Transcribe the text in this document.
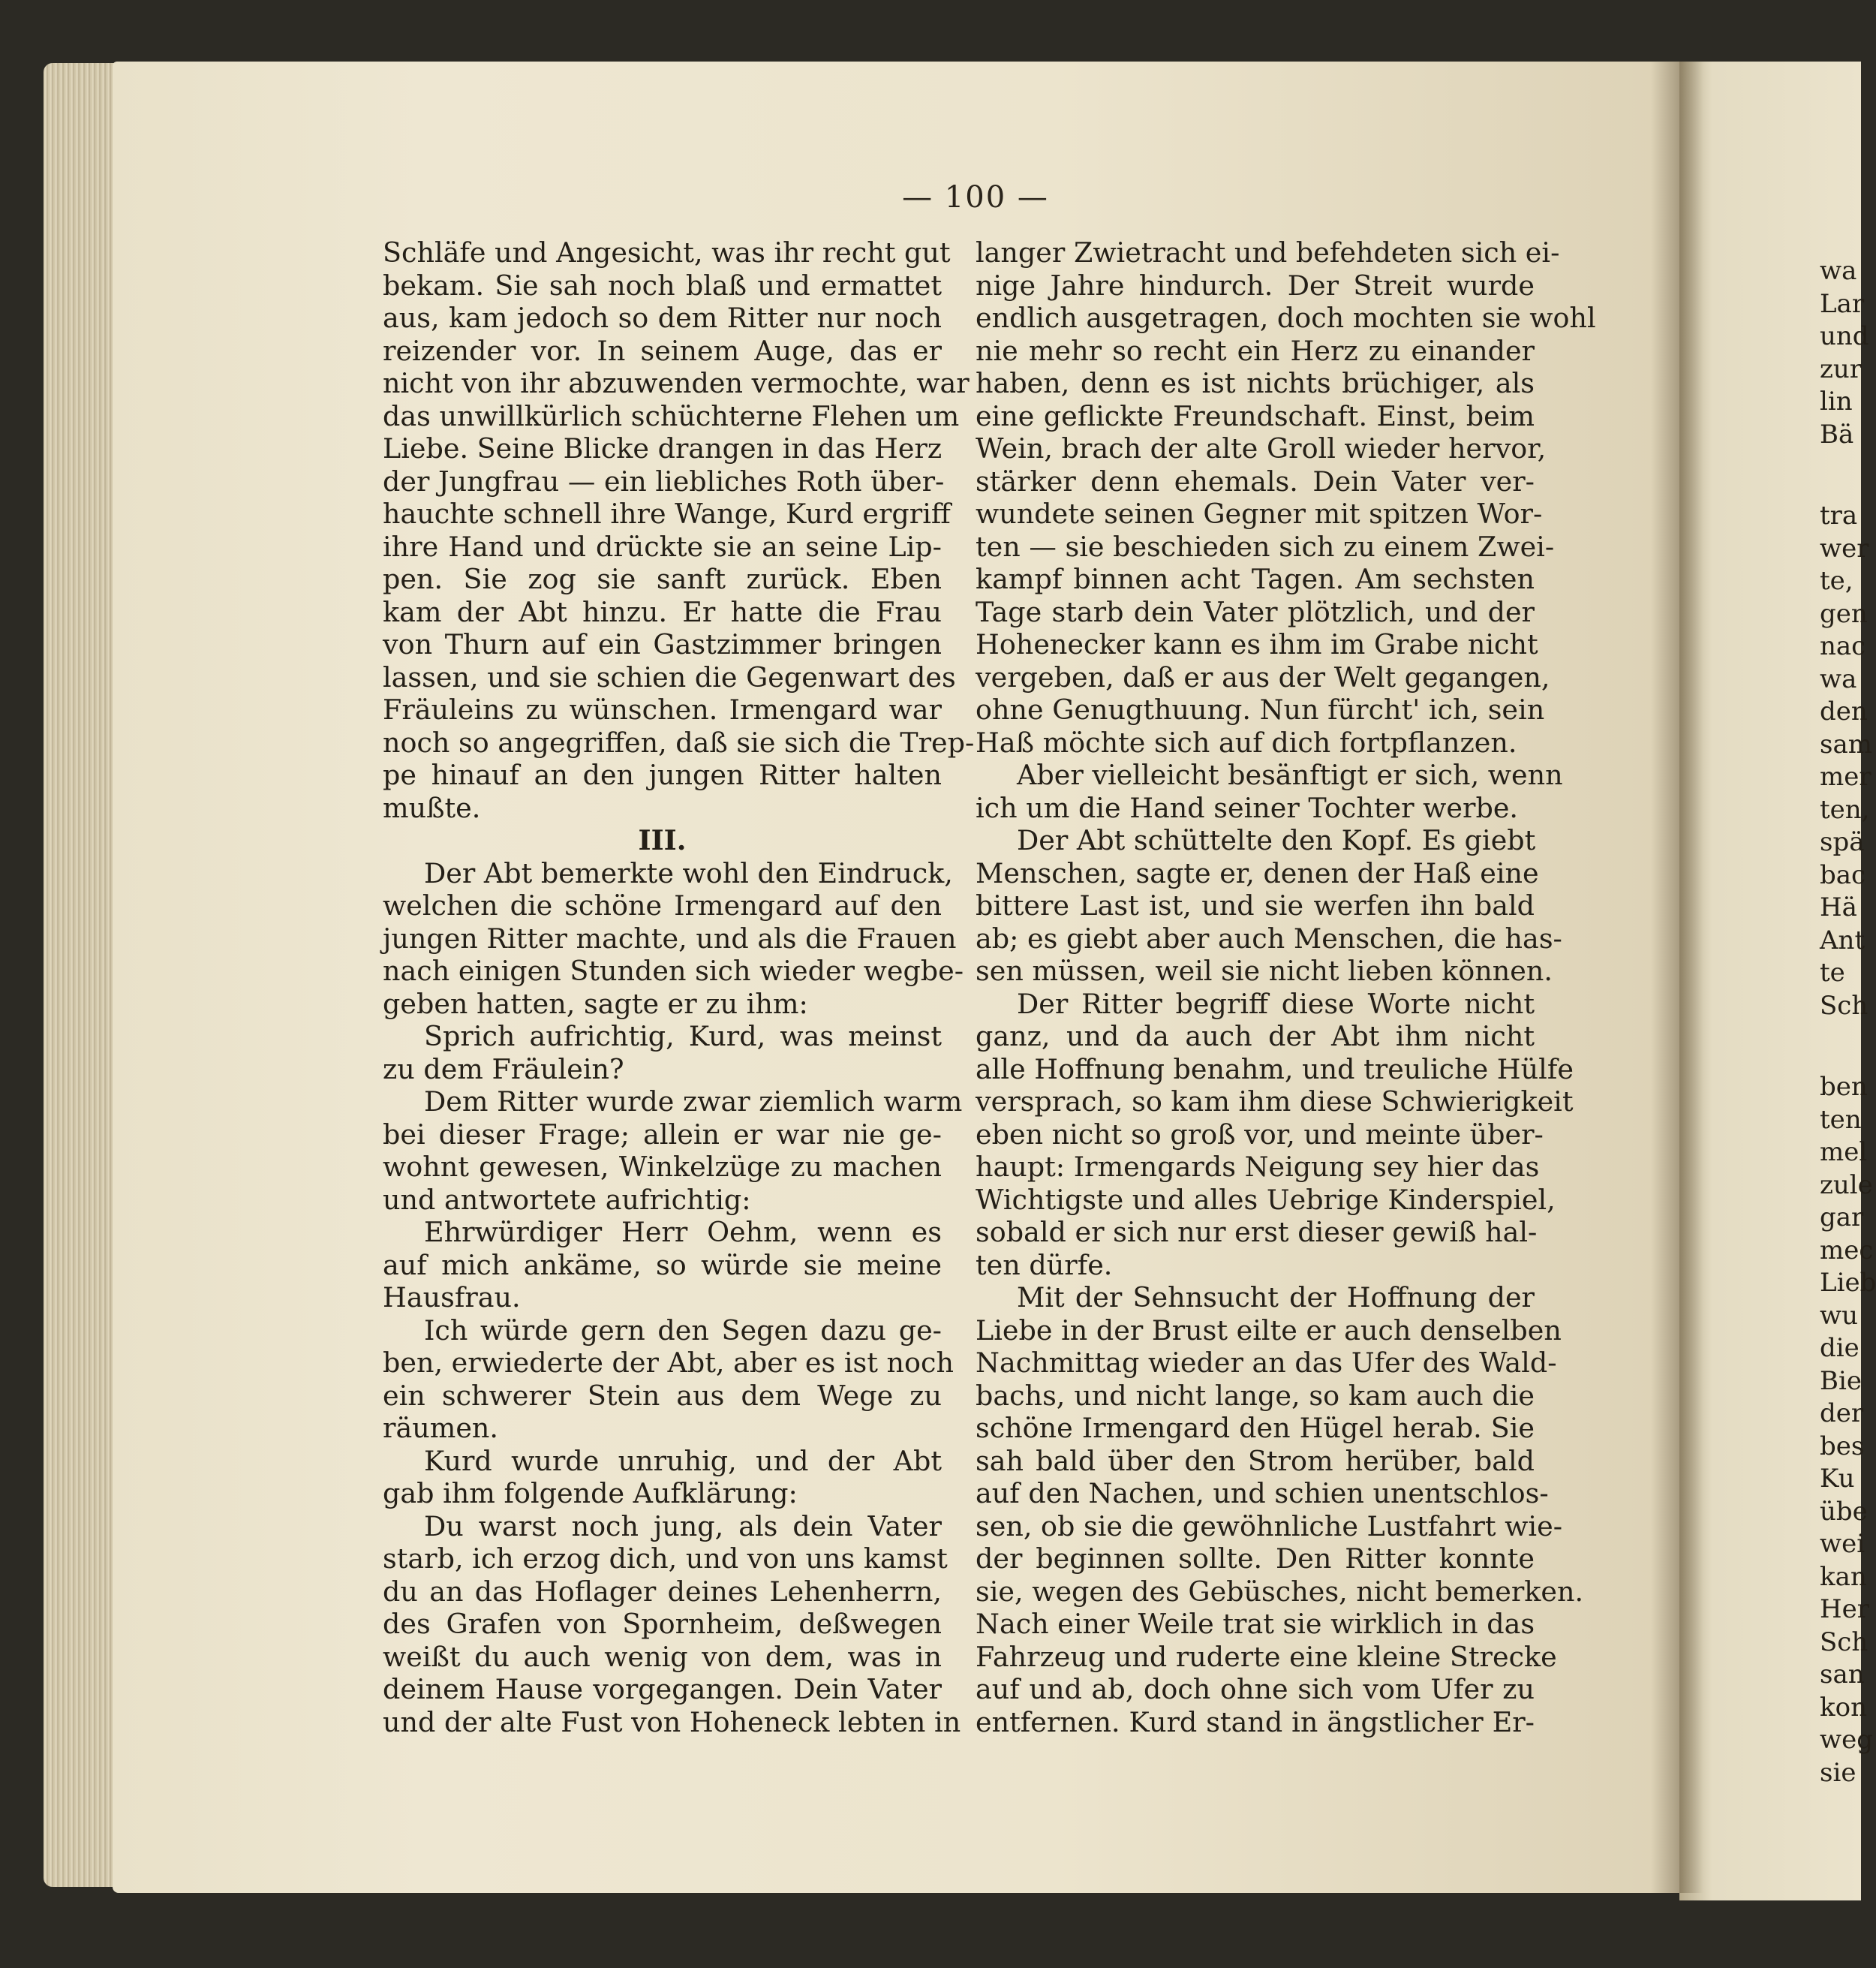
— 100 —
Schläfe und Angesicht, was ihr recht gut
bekam. Sie sah noch blaß und ermattet
aus, kam jedoch so dem Ritter nur noch
reizender vor. In seinem Auge, das er
nicht von ihr abzuwenden vermochte, war
das unwillkürlich schüchterne Flehen um
Liebe. Seine Blicke drangen in das Herz
der Jungfrau — ein liebliches Roth über-
hauchte schnell ihre Wange, Kurd ergriff
ihre Hand und drückte sie an seine Lip-
pen. Sie zog sie sanft zurück. Eben
kam der Abt hinzu. Er hatte die Frau
von Thurn auf ein Gastzimmer bringen
lassen, und sie schien die Gegenwart des
Fräuleins zu wünschen. Irmengard war
noch so angegriffen, daß sie sich die Trep-
pe hinauf an den jungen Ritter halten
mußte.
III.
Der Abt bemerkte wohl den Eindruck,
welchen die schöne Irmengard auf den
jungen Ritter machte, und als die Frauen
nach einigen Stunden sich wieder wegbe-
geben hatten, sagte er zu ihm:
Sprich aufrichtig, Kurd, was meinst
zu dem Fräulein?
Dem Ritter wurde zwar ziemlich warm
bei dieser Frage; allein er war nie ge-
wohnt gewesen, Winkelzüge zu machen
und antwortete aufrichtig:
Ehrwürdiger Herr Oehm, wenn es
auf mich ankäme, so würde sie meine
Hausfrau.
Ich würde gern den Segen dazu ge-
ben, erwiederte der Abt, aber es ist noch
ein schwerer Stein aus dem Wege zu
räumen.
Kurd wurde unruhig, und der Abt
gab ihm folgende Aufklärung:
Du warst noch jung, als dein Vater
starb, ich erzog dich, und von uns kamst
du an das Hoflager deines Lehenherrn,
des Grafen von Spornheim, deßwegen
weißt du auch wenig von dem, was in
deinem Hause vorgegangen. Dein Vater
und der alte Fust von Hoheneck lebten in
langer Zwietracht und befehdeten sich ei-
nige Jahre hindurch. Der Streit wurde
endlich ausgetragen, doch mochten sie wohl
nie mehr so recht ein Herz zu einander
haben, denn es ist nichts brüchiger, als
eine geflickte Freundschaft. Einst, beim
Wein, brach der alte Groll wieder hervor,
stärker denn ehemals. Dein Vater ver-
wundete seinen Gegner mit spitzen Wor-
ten — sie beschieden sich zu einem Zwei-
kampf binnen acht Tagen. Am sechsten
Tage starb dein Vater plötzlich, und der
Hohenecker kann es ihm im Grabe nicht
vergeben, daß er aus der Welt gegangen,
ohne Genugthuung. Nun fürcht' ich, sein
Haß möchte sich auf dich fortpflanzen.
Aber vielleicht besänftigt er sich, wenn
ich um die Hand seiner Tochter werbe.
Der Abt schüttelte den Kopf. Es giebt
Menschen, sagte er, denen der Haß eine
bittere Last ist, und sie werfen ihn bald
ab; es giebt aber auch Menschen, die has-
sen müssen, weil sie nicht lieben können.
Der Ritter begriff diese Worte nicht
ganz, und da auch der Abt ihm nicht
alle Hoffnung benahm, und treuliche Hülfe
versprach, so kam ihm diese Schwierigkeit
eben nicht so groß vor, und meinte über-
haupt: Irmengards Neigung sey hier das
Wichtigste und alles Uebrige Kinderspiel,
sobald er sich nur erst dieser gewiß hal-
ten dürfe.
Mit der Sehnsucht der Hoffnung der
Liebe in der Brust eilte er auch denselben
Nachmittag wieder an das Ufer des Wald-
bachs, und nicht lange, so kam auch die
schöne Irmengard den Hügel herab. Sie
sah bald über den Strom herüber, bald
auf den Nachen, und schien unentschlos-
sen, ob sie die gewöhnliche Lustfahrt wie-
der beginnen sollte. Den Ritter konnte
sie, wegen des Gebüsches, nicht bemerken.
Nach einer Weile trat sie wirklich in das
Fahrzeug und ruderte eine kleine Strecke
auf und ab, doch ohne sich vom Ufer zu
entfernen. Kurd stand in ängstlicher Er-
wa
Lar
und
zur
lin
Bä
tra
wer
te,
gen
nac
wa
den
sam
mer
ten,
spä
bac
Hä
Ant
te
Sch
ben
ten
mel
zule
gar
mec
Lieb
wu
die
Bie
der
bes
Ku
übe
wei
kan
Her
Sch
san
kon
weg
sie
